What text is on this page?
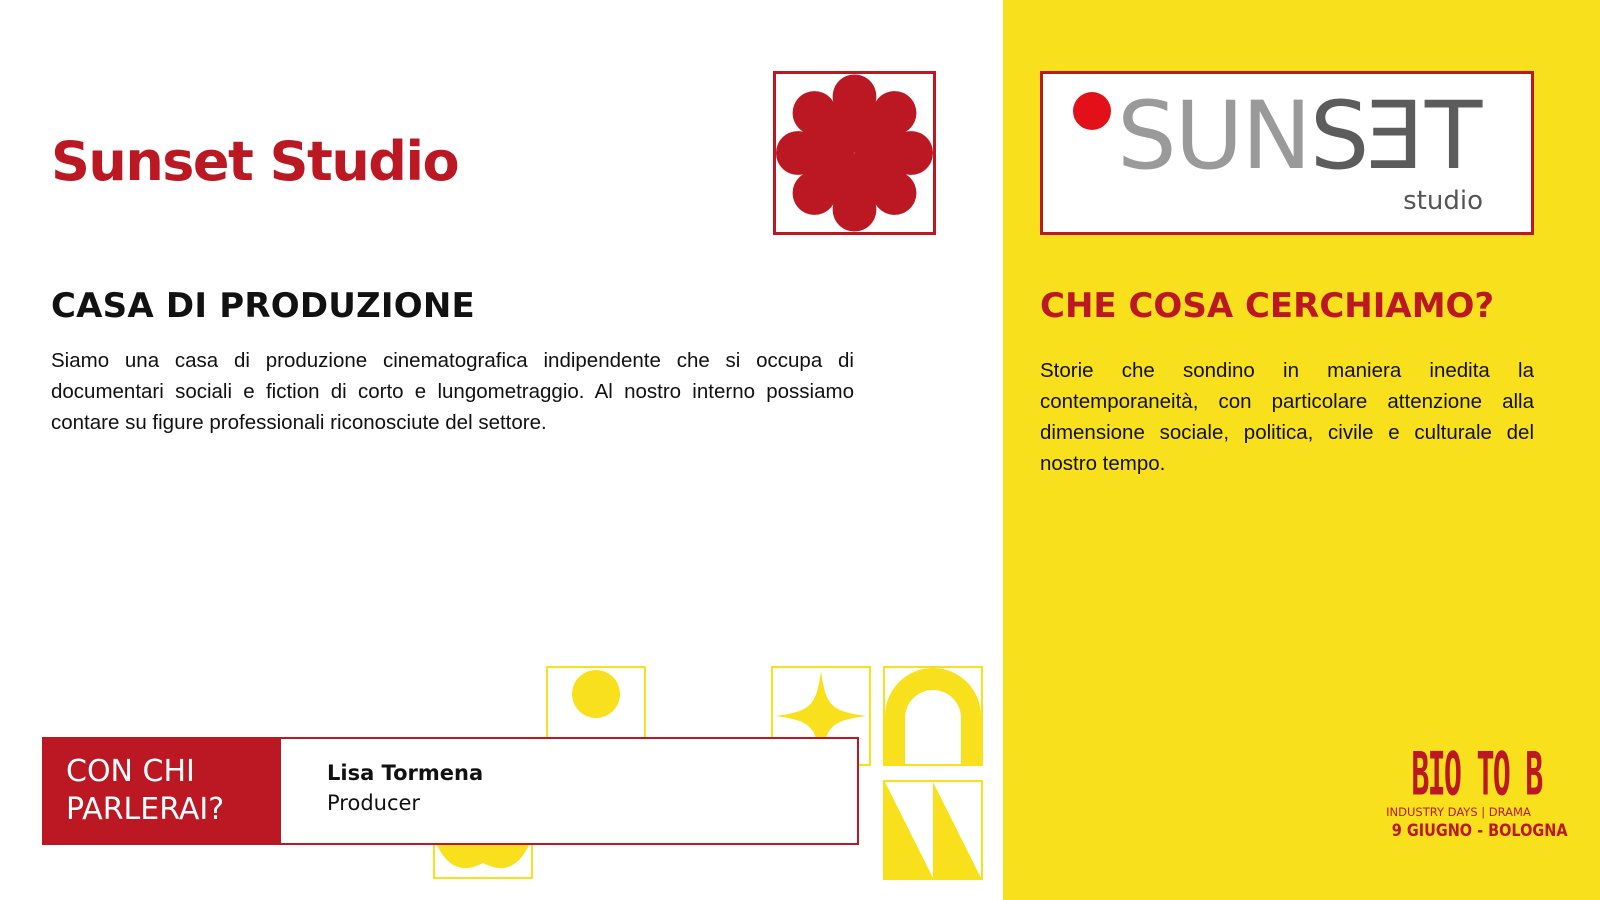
Sunset Studio
CASA DI PRODUZIONE
Siamo una casa di produzione cinematografica indipendente che si occupa di documentari sociali e fiction di corto e lungometraggio. Al nostro interno possiamo contare su figure professionali riconosciute del settore.
SUN S E T
studio
CHE COSA CERCHIAMO?
Storie che sondino in maniera inedita la contemporaneità, con particolare attenzione alla dimensione sociale, politica, civile e culturale del nostro tempo.
CON CHI PARLERAI?
Lisa Tormena
Producer	BIO TO B
INDUSTRY DAYS | DRAMA
9 GIUGNO - BOLOGNA
